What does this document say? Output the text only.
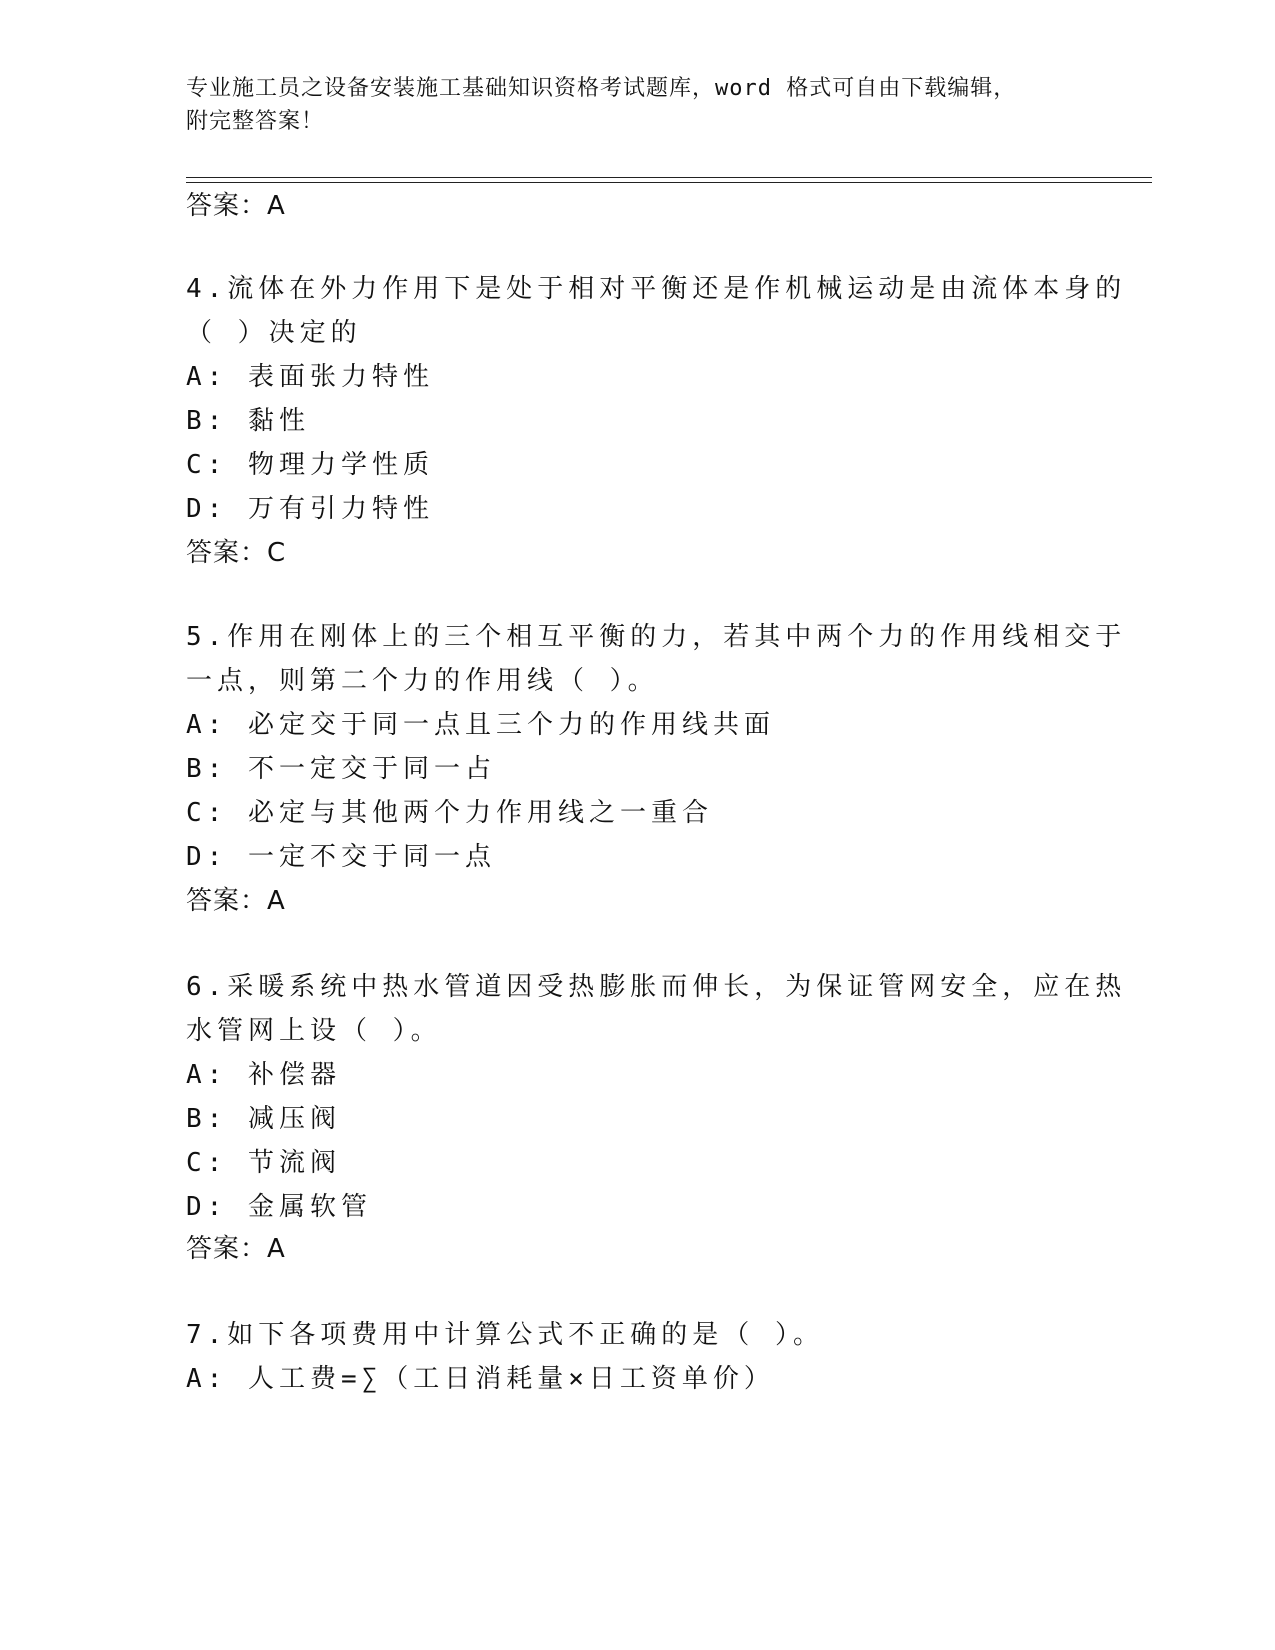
专业施工员之设备安装施工基础知识资格考试题库，word 格式可自由下载编辑，
附完整答案！
答案：A
4.流体在外力作用下是处于相对平衡还是作机械运动是由流体本身的
（ ）决定的
A: 表面张力特性
B: 黏性
C: 物理力学性质
D: 万有引力特性
答案：C
5.作用在刚体上的三个相互平衡的力，若其中两个力的作用线相交于
一点，则第二个力的作用线（ ）。
A: 必定交于同一点且三个力的作用线共面
B: 不一定交于同一占
C: 必定与其他两个力作用线之一重合
D: 一定不交于同一点
答案：A
6.采暖系统中热水管道因受热膨胀而伸长，为保证管网安全，应在热
水管网上设（ ）。
A: 补偿器
B: 减压阀
C: 节流阀
D: 金属软管
答案：A
7.如下各项费用中计算公式不正确的是（ ）。
A: 人工费=∑（工日消耗量×日工资单价）
